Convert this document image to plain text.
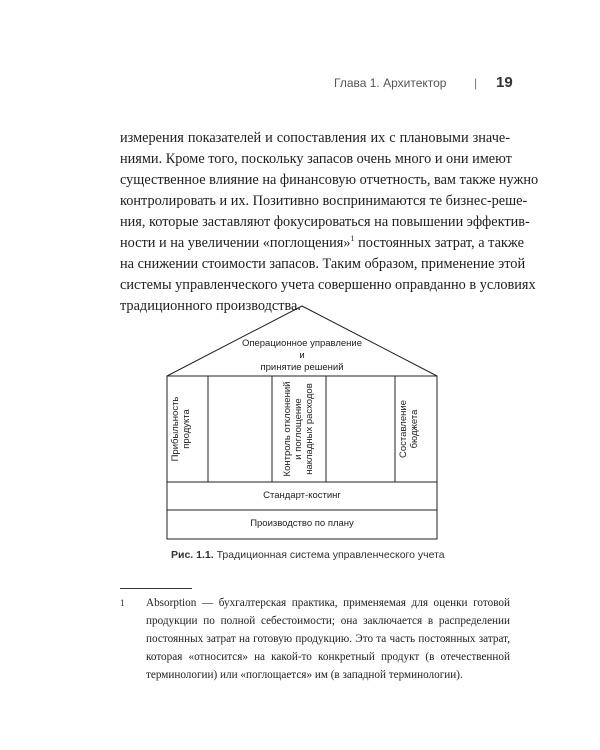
Глава 1. Архитектор | 19
измерения показателей и сопоставления их с плановыми значе-
ниями. Кроме того, поскольку запасов очень много и они имеют
существенное влияние на финансовую отчетность, вам также нужно
контролировать и их. Позитивно воспринимаются те бизнес-реше-
ния, которые заставляют фокусироваться на повышении эффектив-
ности и на увеличении «поглощения»$^1$ постоянных затрат, а также
на снижении стоимости запасов. Таким образом, применение этой
системы управленческого учета совершенно оправданно в условиях
традиционного производства.
Операционное управление
и
принятие решений
Прибыльность продукта	Контроль отклонений и поглощение накладных расходов	Составление бюджета
Стандарт-костинг
Производство по плану
Рис. 1.1. Традиционная система управленческого учета
1 Absorption — бухгалтерская практика, применяемая для оценки готовой
продукции по полной себестоимости; она заключается в распределении
постоянных затрат на готовую продукцию. Это та часть постоянных затрат,
которая «относится» на какой-то конкретный продукт (в отечественной
терминологии) или «поглощается» им (в западной терминологии).
